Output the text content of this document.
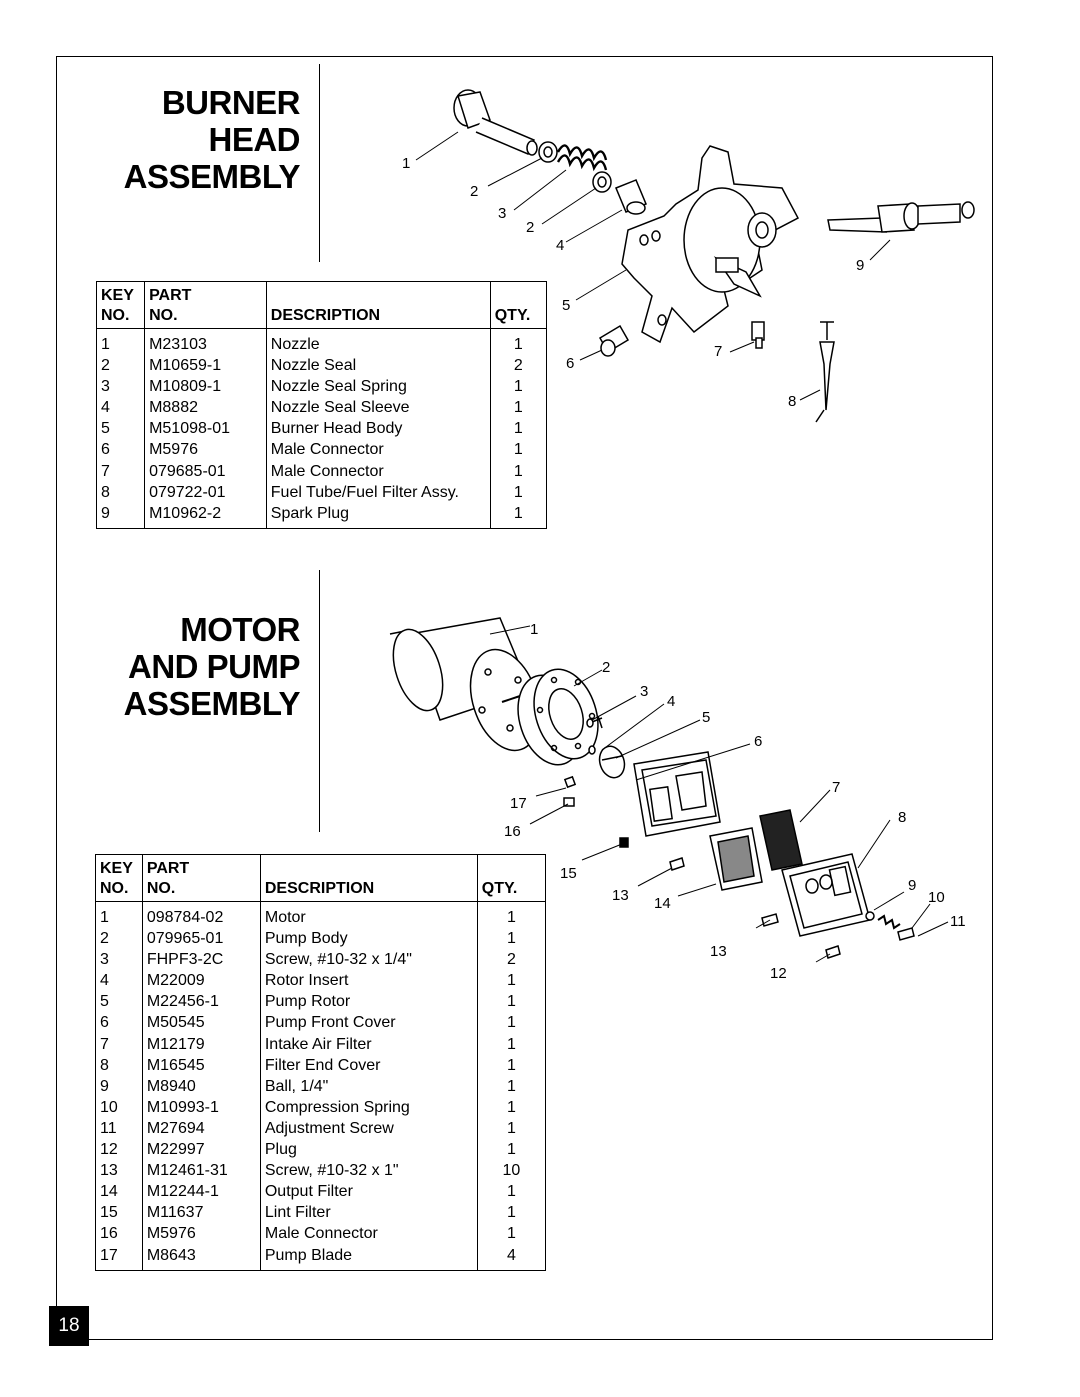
BURNER
HEAD
ASSEMBLY
KEY	PART		
NO.	NO.	DESCRIPTION	QTY.
1	M23103	Nozzle	1
2	M10659-1	Nozzle Seal	2
3	M10809-1	Nozzle Seal Spring	1
4	M8882	Nozzle Seal Sleeve	1
5	M51098-01	Burner Head Body	1
6	M5976	Male Connector	1
7	079685-01	Male Connector	1
8	079722-01	Fuel Tube/Fuel Filter Assy.	1
9	M10962-2	Spark Plug	1
1
2
3
2
4
5
6
7
8
9
MOTOR
AND PUMP
ASSEMBLY
KEY	PART		
NO.	NO.	DESCRIPTION	QTY.
1	098784-02	Motor	1
2	079965-01	Pump Body	1
3	FHPF3-2C	Screw, #10-32 x 1/4"	2
4	M22009	Rotor Insert	1
5	M22456-1	Pump Rotor	1
6	M50545	Pump Front Cover	1
7	M12179	Intake Air Filter	1
8	M16545	Filter End Cover	1
9	M8940	Ball, 1/4"	1
10	M10993-1	Compression Spring	1
11	M27694	Adjustment Screw	1
12	M22997	Plug	1
13	M12461-31	Screw, #10-32 x 1"	10
14	M12244-1	Output Filter	1
15	M11637	Lint Filter	1
16	M5976	Male Connector	1
17	M8643	Pump Blade	4
1
2
3
4
5
6
7
8
9
10
11
12
13
13
14
15
16
17
18
